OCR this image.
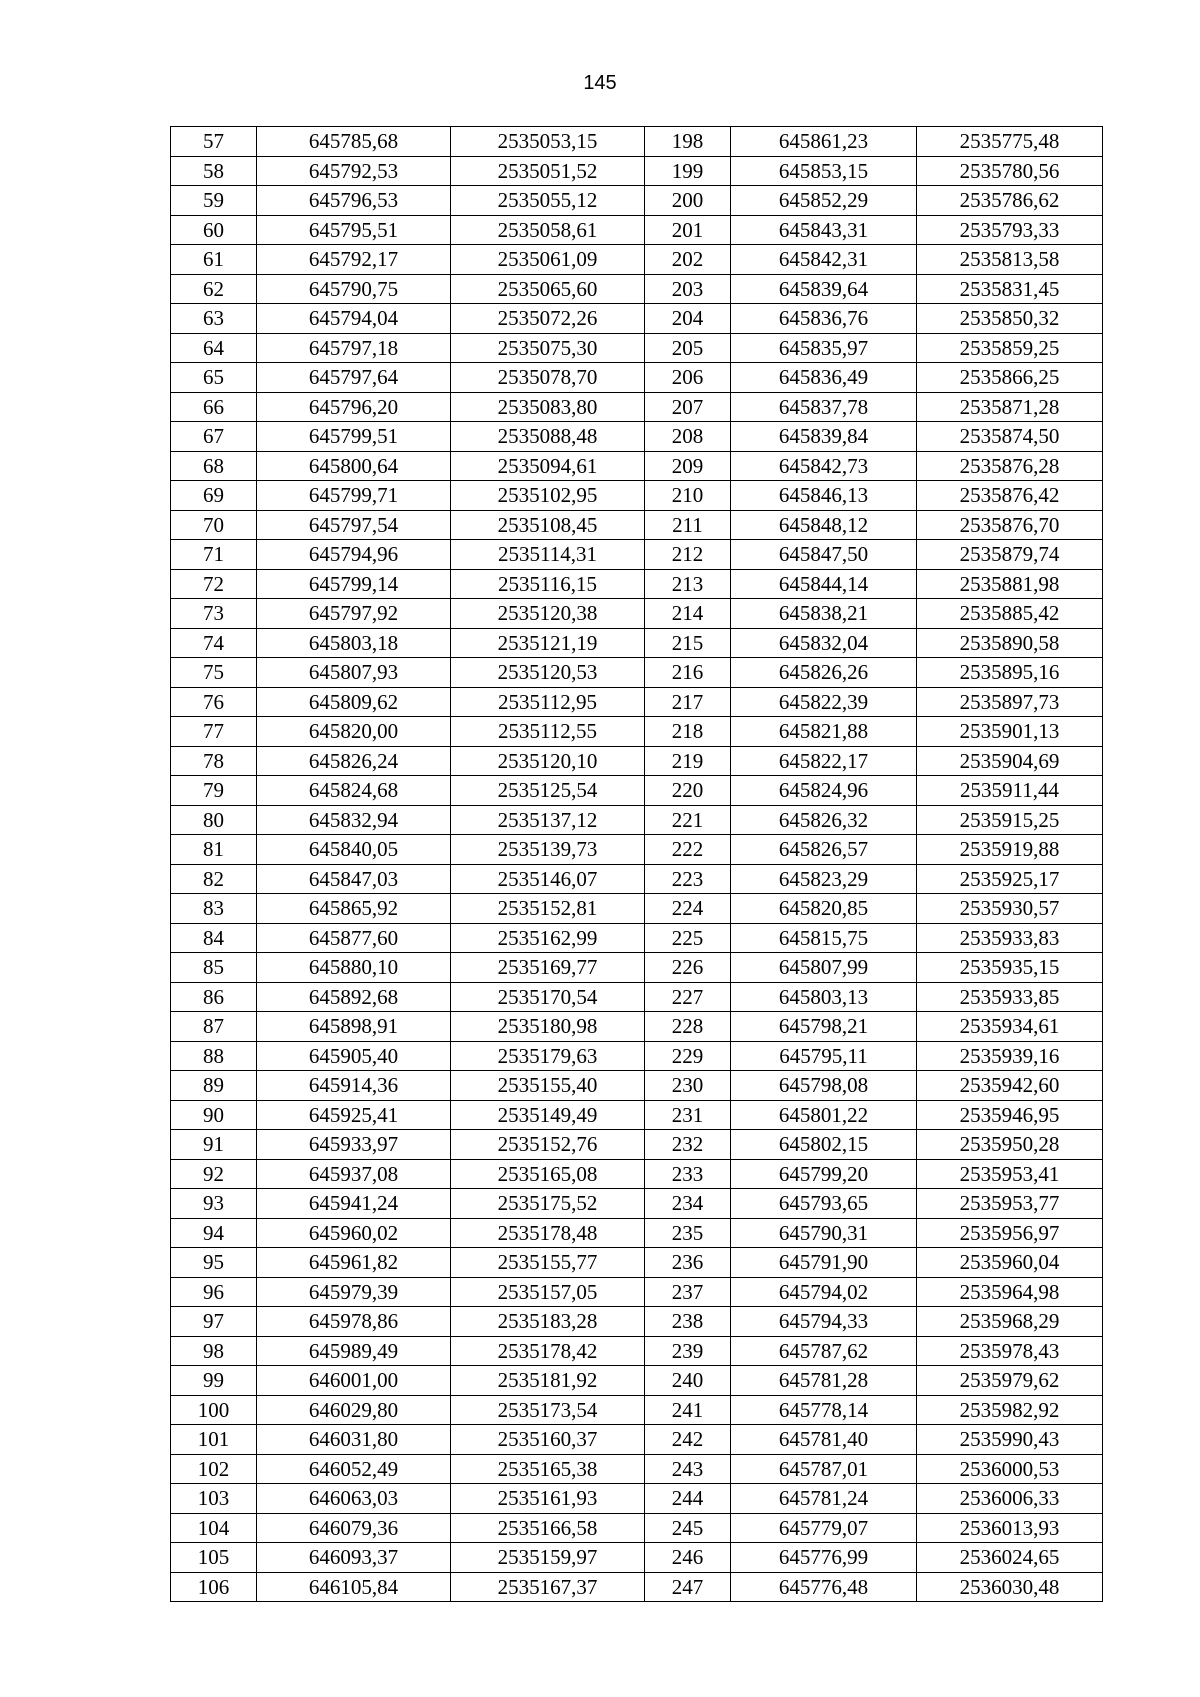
145
57	645785,68	2535053,15	198	645861,23	2535775,48
58	645792,53	2535051,52	199	645853,15	2535780,56
59	645796,53	2535055,12	200	645852,29	2535786,62
60	645795,51	2535058,61	201	645843,31	2535793,33
61	645792,17	2535061,09	202	645842,31	2535813,58
62	645790,75	2535065,60	203	645839,64	2535831,45
63	645794,04	2535072,26	204	645836,76	2535850,32
64	645797,18	2535075,30	205	645835,97	2535859,25
65	645797,64	2535078,70	206	645836,49	2535866,25
66	645796,20	2535083,80	207	645837,78	2535871,28
67	645799,51	2535088,48	208	645839,84	2535874,50
68	645800,64	2535094,61	209	645842,73	2535876,28
69	645799,71	2535102,95	210	645846,13	2535876,42
70	645797,54	2535108,45	211	645848,12	2535876,70
71	645794,96	2535114,31	212	645847,50	2535879,74
72	645799,14	2535116,15	213	645844,14	2535881,98
73	645797,92	2535120,38	214	645838,21	2535885,42
74	645803,18	2535121,19	215	645832,04	2535890,58
75	645807,93	2535120,53	216	645826,26	2535895,16
76	645809,62	2535112,95	217	645822,39	2535897,73
77	645820,00	2535112,55	218	645821,88	2535901,13
78	645826,24	2535120,10	219	645822,17	2535904,69
79	645824,68	2535125,54	220	645824,96	2535911,44
80	645832,94	2535137,12	221	645826,32	2535915,25
81	645840,05	2535139,73	222	645826,57	2535919,88
82	645847,03	2535146,07	223	645823,29	2535925,17
83	645865,92	2535152,81	224	645820,85	2535930,57
84	645877,60	2535162,99	225	645815,75	2535933,83
85	645880,10	2535169,77	226	645807,99	2535935,15
86	645892,68	2535170,54	227	645803,13	2535933,85
87	645898,91	2535180,98	228	645798,21	2535934,61
88	645905,40	2535179,63	229	645795,11	2535939,16
89	645914,36	2535155,40	230	645798,08	2535942,60
90	645925,41	2535149,49	231	645801,22	2535946,95
91	645933,97	2535152,76	232	645802,15	2535950,28
92	645937,08	2535165,08	233	645799,20	2535953,41
93	645941,24	2535175,52	234	645793,65	2535953,77
94	645960,02	2535178,48	235	645790,31	2535956,97
95	645961,82	2535155,77	236	645791,90	2535960,04
96	645979,39	2535157,05	237	645794,02	2535964,98
97	645978,86	2535183,28	238	645794,33	2535968,29
98	645989,49	2535178,42	239	645787,62	2535978,43
99	646001,00	2535181,92	240	645781,28	2535979,62
100	646029,80	2535173,54	241	645778,14	2535982,92
101	646031,80	2535160,37	242	645781,40	2535990,43
102	646052,49	2535165,38	243	645787,01	2536000,53
103	646063,03	2535161,93	244	645781,24	2536006,33
104	646079,36	2535166,58	245	645779,07	2536013,93
105	646093,37	2535159,97	246	645776,99	2536024,65
106	646105,84	2535167,37	247	645776,48	2536030,48
